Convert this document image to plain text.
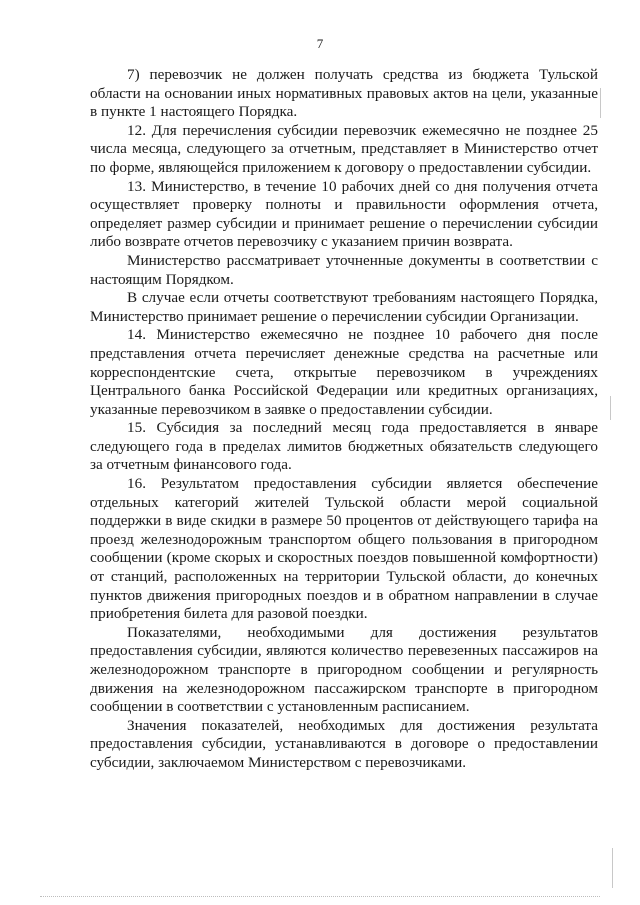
7

7) перевозчик не должен получать средства из бюджета Тульской области на основании иных нормативных правовых актов на цели, указанные в пункте 1 настоящего Порядка.

12. Для перечисления субсидии перевозчик ежемесячно не позднее 25 числа месяца, следующего за отчетным, представляет в Министерство отчет по форме, являющейся приложением к договору о предоставлении субсидии.

13. Министерство, в течение 10 рабочих дней со дня получения отчета осуществляет проверку полноты и правильности оформления отчета, определяет размер субсидии и принимает решение о перечислении субсидии либо возврате отчетов перевозчику с указанием причин возврата.

Министерство рассматривает уточненные документы в соответствии с настоящим Порядком.

В случае если отчеты соответствуют требованиям настоящего Порядка, Министерство принимает решение о перечислении субсидии Организации.

14. Министерство ежемесячно не позднее 10 рабочего дня после представления отчета перечисляет денежные средства на расчетные или корреспондентские счета, открытые перевозчиком в учреждениях Центрального банка Российской Федерации или кредитных организациях, указанные перевозчиком в заявке о предоставлении субсидии.

15. Субсидия за последний месяц года предоставляется в январе следующего года в пределах лимитов бюджетных обязательств следующего за отчетным финансового года.

16. Результатом предоставления субсидии является обеспечение отдельных категорий жителей Тульской области мерой социальной поддержки в виде скидки в размере 50 процентов от действующего тарифа на проезд железнодорожным транспортом общего пользования в пригородном сообщении (кроме скорых и скоростных поездов повышенной комфортности) от станций, расположенных на территории Тульской области, до конечных пунктов движения пригородных поездов и в обратном направлении в случае приобретения билета для разовой поездки.

Показателями, необходимыми для достижения результатов предоставления субсидии, являются количество перевезенных пассажиров на железнодорожном транспорте в пригородном сообщении и регулярность движения на железнодорожном пассажирском транспорте в пригородном сообщении в соответствии с установленным расписанием.

Значения показателей, необходимых для достижения результата предоставления субсидии, устанавливаются в договоре о предоставлении субсидии, заключаемом Министерством с перевозчиками.
